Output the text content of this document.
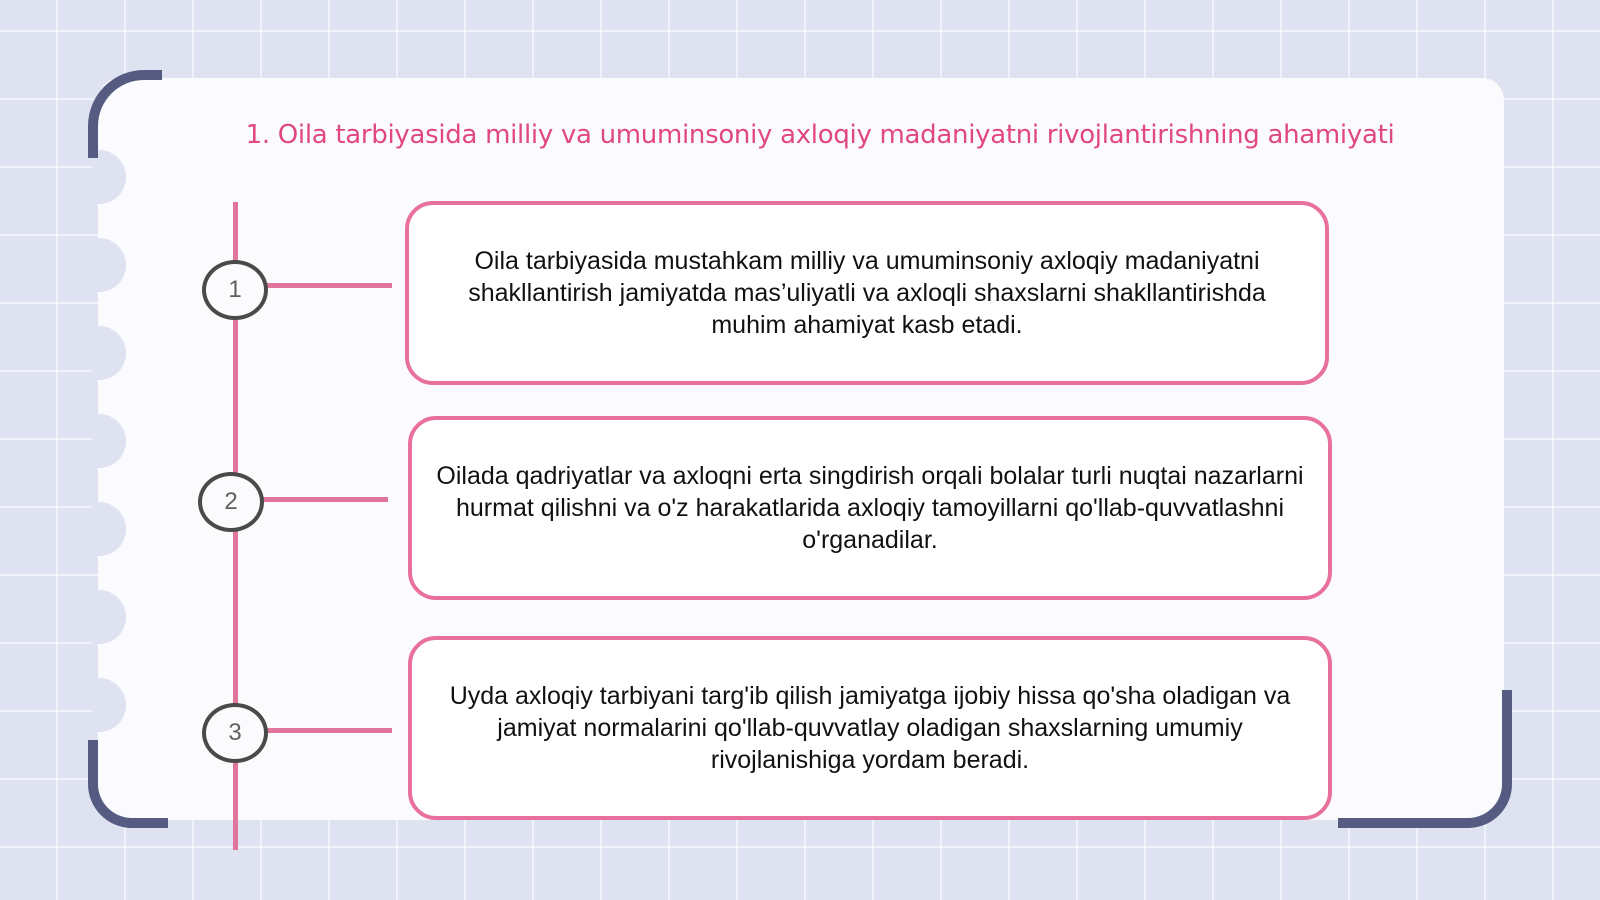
1. Oila tarbiyasida milliy va umuminsoniy axloqiy madaniyatni rivojlantirishning ahamiyati
1
2
3
Oila tarbiyasida mustahkam milliy va umuminsoniy axloqiy madaniyatni shakllantirish jamiyatda mas’uliyatli va axloqli shaxslarni shakllantirishda muhim ahamiyat kasb etadi.
Oilada qadriyatlar va axloqni erta singdirish orqali bolalar turli nuqtai nazarlarni hurmat qilishni va o'z harakatlarida axloqiy tamoyillarni qo'llab-quvvatlashni o'rganadilar.
Uyda axloqiy tarbiyani targ'ib qilish jamiyatga ijobiy hissa qo'sha oladigan va jamiyat normalarini qo'llab-quvvatlay oladigan shaxslarning umumiy rivojlanishiga yordam beradi.
